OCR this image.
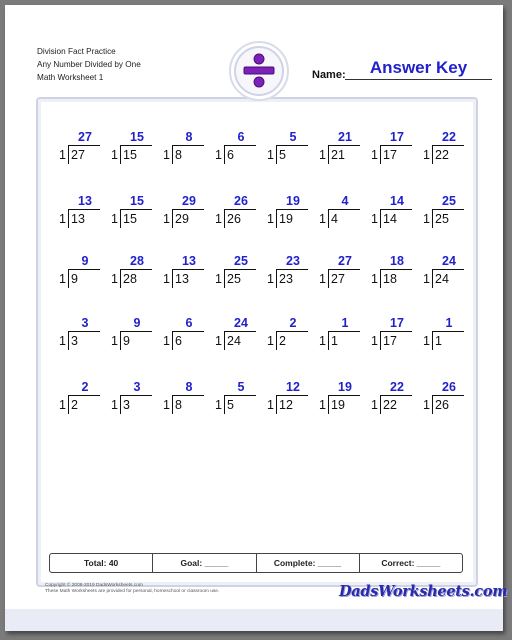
Division Fact Practice
Any Number Divided by One
Math Worksheet 1	Name:	Answer Key
27
1 27
15
1 15
8
1 8
6
1 6
5
1 5
21
1 21
17
1 17
22
1 22
13
1 13
15
1 15
29
1 29
26
1 26
19
1 19
4
1 4
14
1 14
25
1 25
9
1 9
28
1 28
13
1 13
25
1 25
23
1 23
27
1 27
18
1 18
24
1 24
3
1 3
9
1 9
6
1 6
24
1 24
2
1 2
1
1 1
17
1 17
1
1 1
2
1 2
3
1 3
8
1 8
5
1 5
12
1 12
19
1 19
22
1 22
26
1 26
Total: 40	Goal: _____	Complete: _____	Correct: _____
Copyright © 2008-2019 DadsWorksheets.com
These Math Worksheets are provided for personal, homeschool or classroom use.	DadsWorksheets.com
